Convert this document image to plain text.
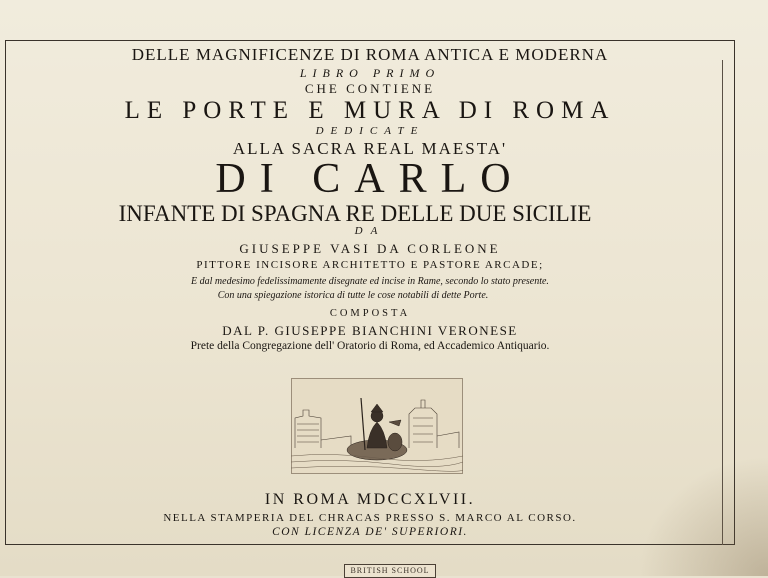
DELLE MAGNIFICENZE DI ROMA ANTICA E MODERNA
LIBRO PRIMO
CHE CONTIENE
LE PORTE E MURA DI ROMA
DEDICATE
ALLA SACRA REAL MAESTA'
DI CARLO
INFANTE DI SPAGNA RE DELLE DUE SICILIE
DA
GIUSEPPE VASI DA CORLEONE
PITTORE INCISORE ARCHITETTO E PASTORE ARCADE;
E dal medesimo fedelissimamente disegnate ed incise in Rame, secondo lo stato presente.
Con una spiegazione istorica di tutte le cose notabili di dette Porte.
COMPOSTA
DAL P. GIUSEPPE BIANCHINI VERONESE
Prete della Congregazione dell' Oratorio di Roma, ed Accademico Antiquario.
IN ROMA MDCCXLVII.
NELLA STAMPERIA DEL CHRACAS PRESSO S. MARCO AL CORSO.
CON LICENZA DE' SUPERIORI.
BRITISH SCHOOL
